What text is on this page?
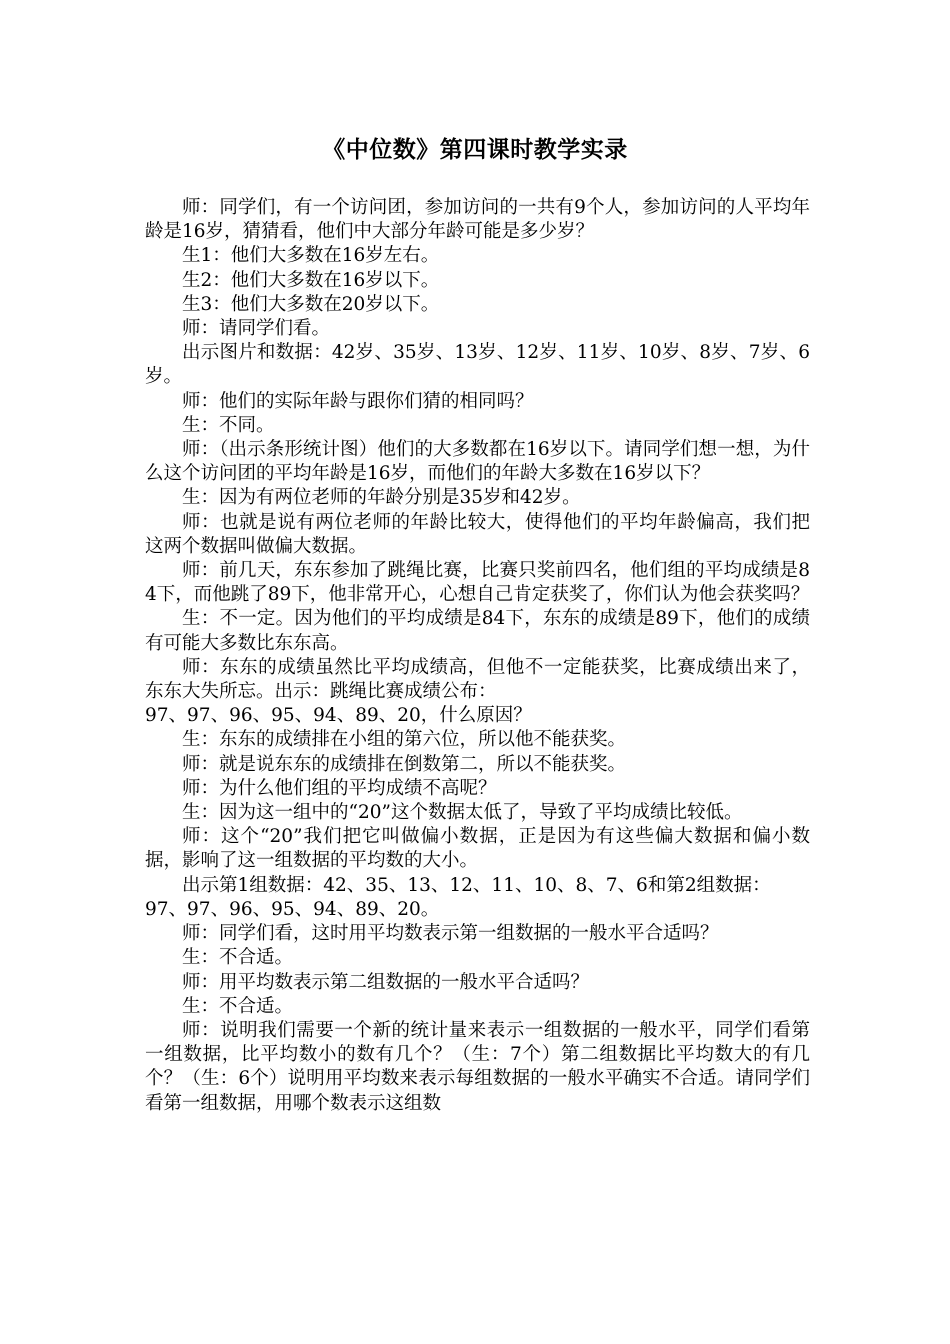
《中位数》第四课时教学实录

师：同学们，有一个访问团，参加访问的一共有9个人，参加访问的人平均年龄是16岁，猜猜看，他们中大部分年龄可能是多少岁？

生1：他们大多数在16岁左右。

生2：他们大多数在16岁以下。

生3：他们大多数在20岁以下。

师：请同学们看。

出示图片和数据：42岁、35岁、13岁、12岁、11岁、10岁、8岁、7岁、6岁。

师：他们的实际年龄与跟你们猜的相同吗？

生：不同。

师：（出示条形统计图）他们的大多数都在16岁以下。请同学们想一想，为什么这个访问团的平均年龄是16岁，而他们的年龄大多数在16岁以下？

生：因为有两位老师的年龄分别是35岁和42岁。

师：也就是说有两位老师的年龄比较大，使得他们的平均年龄偏高，我们把这两个数据叫做偏大数据。

师：前几天，东东参加了跳绳比赛，比赛只奖前四名，他们组的平均成绩是84下，而他跳了89下，他非常开心，心想自己肯定获奖了，你们认为他会获奖吗？

生：不一定。因为他们的平均成绩是84下，东东的成绩是89下，他们的成绩有可能大多数比东东高。

师：东东的成绩虽然比平均成绩高，但他不一定能获奖，比赛成绩出来了，东东大失所忘。出示：跳绳比赛成绩公布：

97、97、96、95、94、89、20，什么原因？

生：东东的成绩排在小组的第六位，所以他不能获奖。

师：就是说东东的成绩排在倒数第二，所以不能获奖。

师：为什么他们组的平均成绩不高呢？

生：因为这一组中的“20”这个数据太低了，导致了平均成绩比较低。

师：这个“20”我们把它叫做偏小数据，正是因为有这些偏大数据和偏小数据，影响了这一组数据的平均数的大小。

出示第1组数据：42、35、13、12、11、10、8、7、6和第2组数据：

97、97、96、95、94、89、20。

师：同学们看，这时用平均数表示第一组数据的一般水平合适吗？

生：不合适。

师：用平均数表示第二组数据的一般水平合适吗？

生：不合适。

师：说明我们需要一个新的统计量来表示一组数据的一般水平，同学们看第一组数据，比平均数小的数有几个？（生：7个）第二组数据比平均数大的有几个？（生：6个）说明用平均数来表示每组数据的一般水平确实不合适。请同学们看第一组数据，用哪个数表示这组数
